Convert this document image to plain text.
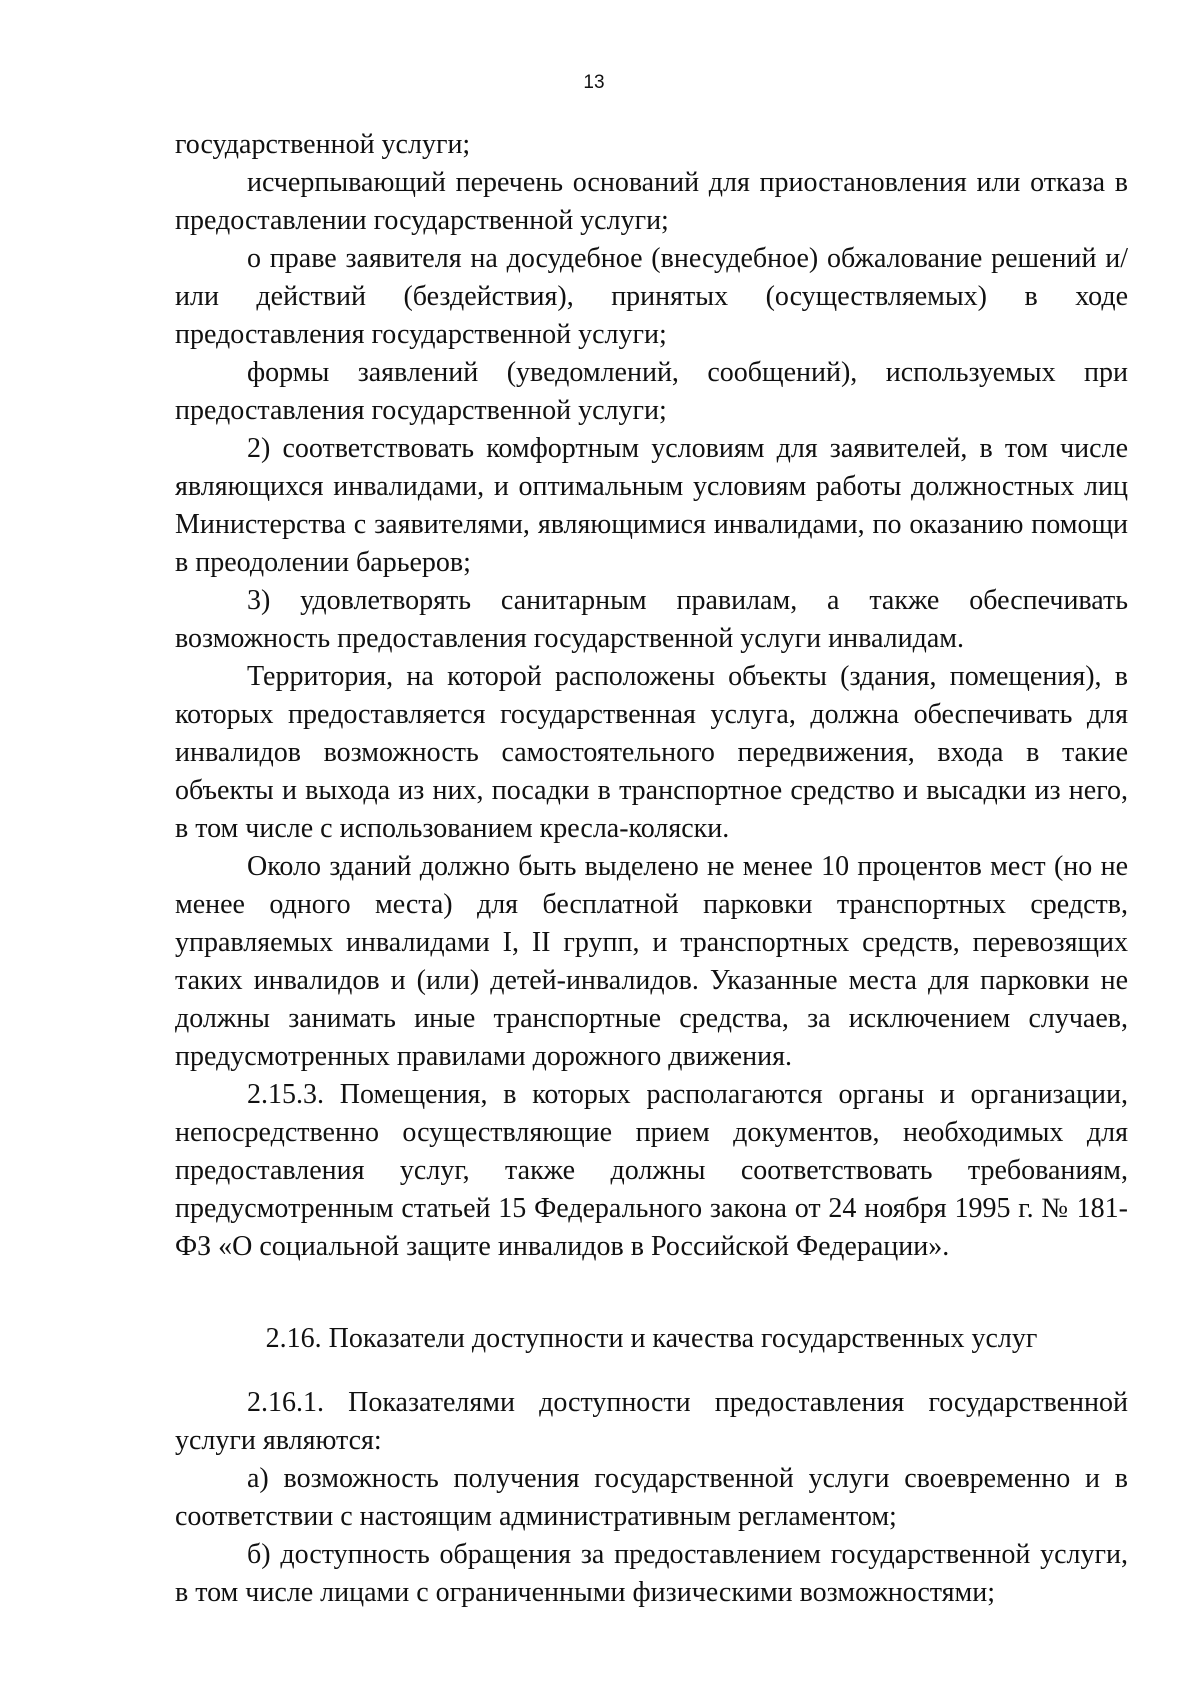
13

государственной услуги;

исчерпывающий перечень оснований для приостановления или отказа в предоставлении государственной услуги;

о праве заявителя на досудебное (внесудебное) обжалование решений и/или действий (бездействия), принятых (осуществляемых) в ходе предоставления государственной услуги;

формы заявлений (уведомлений, сообщений), используемых при предоставления государственной услуги;

2) соответствовать комфортным условиям для заявителей, в том числе являющихся инвалидами, и оптимальным условиям работы должностных лиц Министерства с заявителями, являющимися инвалидами, по оказанию помощи в преодолении барьеров;

3) удовлетворять санитарным правилам, а также обеспечивать возможность предоставления государственной услуги инвалидам.

Территория, на которой расположены объекты (здания, помещения), в которых предоставляется государственная услуга, должна обеспечивать для инвалидов возможность самостоятельного передвижения, входа в такие объекты и выхода из них, посадки в транспортное средство и высадки из него, в том числе с использованием кресла-коляски.

Около зданий должно быть выделено не менее 10 процентов мест (но не менее одного места) для бесплатной парковки транспортных средств, управляемых инвалидами I, II групп, и транспортных средств, перевозящих таких инвалидов и (или) детей-инвалидов. Указанные места для парковки не должны занимать иные транспортные средства, за исключением случаев, предусмотренных правилами дорожного движения.

2.15.3. Помещения, в которых располагаются органы и организации, непосредственно осуществляющие прием документов, необходимых для предоставления услуг, также должны соответствовать требованиям, предусмотренным статьей 15 Федерального закона от 24 ноября 1995 г. № 181-ФЗ «О социальной защите инвалидов в Российской Федерации».

2.16. Показатели доступности и качества государственных услуг

2.16.1. Показателями доступности предоставления государственной услуги являются:

а) возможность получения государственной услуги своевременно и в соответствии с настоящим административным регламентом;

б) доступность обращения за предоставлением государственной услуги, в том числе лицами с ограниченными физическими возможностями;
